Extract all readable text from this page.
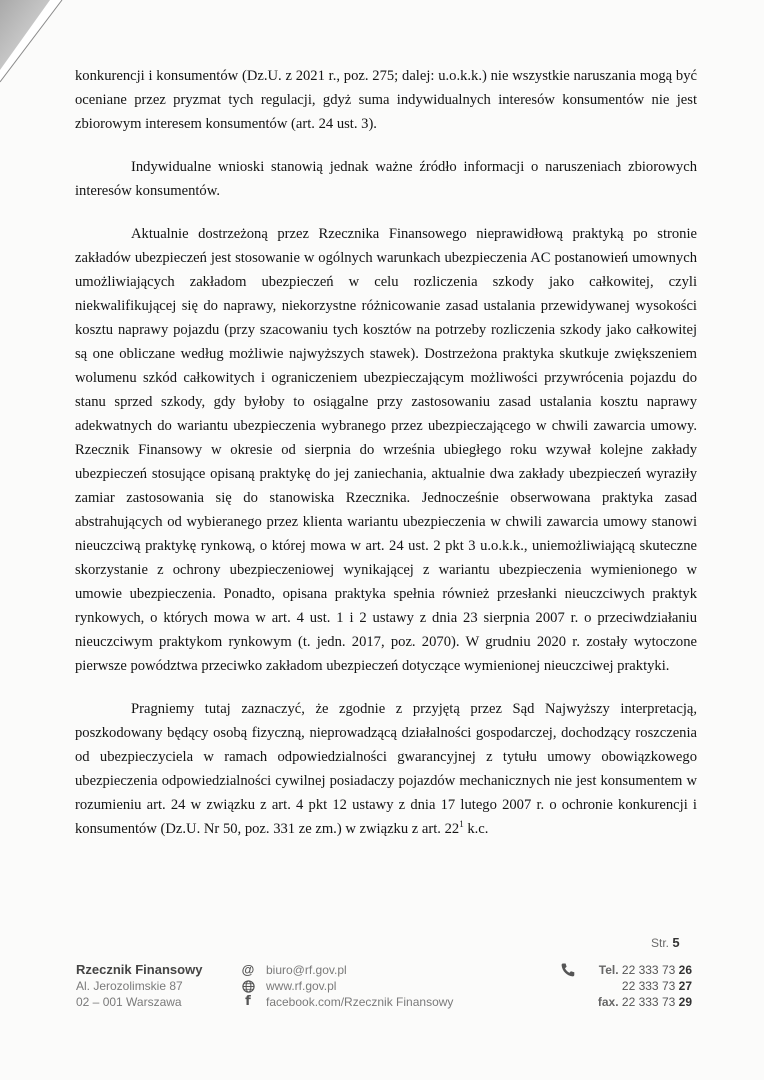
konkurencji i konsumentów (Dz.U. z 2021 r., poz. 275; dalej: u.o.k.k.) nie wszystkie naruszania mogą być oceniane przez pryzmat tych regulacji, gdyż suma indywidualnych interesów konsumentów nie jest zbiorowym interesem konsumentów (art. 24 ust. 3).

Indywidualne wnioski stanowią jednak ważne źródło informacji o naruszeniach zbiorowych interesów konsumentów.

Aktualnie dostrzeżoną przez Rzecznika Finansowego nieprawidłową praktyką po stronie zakładów ubezpieczeń jest stosowanie w ogólnych warunkach ubezpieczenia AC postanowień umownych umożliwiających zakładom ubezpieczeń w celu rozliczenia szkody jako całkowitej, czyli niekwalifikującej się do naprawy, niekorzystne różnicowanie zasad ustalania przewidywanej wysokości kosztu naprawy pojazdu (przy szacowaniu tych kosztów na potrzeby rozliczenia szkody jako całkowitej są one obliczane według możliwie najwyższych stawek). Dostrzeżona praktyka skutkuje zwiększeniem wolumenu szkód całkowitych i ograniczeniem ubezpieczającym możliwości przywrócenia pojazdu do stanu sprzed szkody, gdy byłoby to osiągalne przy zastosowaniu zasad ustalania kosztu naprawy adekwatnych do wariantu ubezpieczenia wybranego przez ubezpieczającego w chwili zawarcia umowy. Rzecznik Finansowy w okresie od sierpnia do września ubiegłego roku wzywał kolejne zakłady ubezpieczeń stosujące opisaną praktykę do jej zaniechania, aktualnie dwa zakłady ubezpieczeń wyraziły zamiar zastosowania się do stanowiska Rzecznika. Jednocześnie obserwowana praktyka zasad abstrahujących od wybieranego przez klienta wariantu ubezpieczenia w chwili zawarcia umowy stanowi nieuczciwą praktykę rynkową, o której mowa w art. 24 ust. 2 pkt 3 u.o.k.k., uniemożliwiającą skuteczne skorzystanie z ochrony ubezpieczeniowej wynikającej z wariantu ubezpieczenia wymienionego w umowie ubezpieczenia. Ponadto, opisana praktyka spełnia również przesłanki nieuczciwych praktyk rynkowych, o których mowa w art. 4 ust. 1 i 2 ustawy z dnia 23 sierpnia 2007 r. o przeciwdziałaniu nieuczciwym praktykom rynkowym (t. jedn. 2017, poz. 2070). W grudniu 2020 r. zostały wytoczone pierwsze powództwa przeciwko zakładom ubezpieczeń dotyczące wymienionej nieuczciwej praktyki.

Pragniemy tutaj zaznaczyć, że zgodnie z przyjętą przez Sąd Najwyższy interpretacją, poszkodowany będący osobą fizyczną, nieprowadzącą działalności gospodarczej, dochodzący roszczenia od ubezpieczyciela w ramach odpowiedzialności gwarancyjnej z tytułu umowy obowiązkowego ubezpieczenia odpowiedzialności cywilnej posiadaczy pojazdów mechanicznych nie jest konsumentem w rozumieniu art. 24 w związku z art. 4 pkt 12 ustawy z dnia 17 lutego 2007 r. o ochronie konkurencji i konsumentów (Dz.U. Nr 50, poz. 331 ze zm.) w związku z art. $22^1$ k.c.

Str. 5
Rzecznik Finansowy
Al. Jerozolimskie 87
02 – 001 Warszawa
@ biuro@rf.gov.pl
www.rf.gov.pl
f	facebook.com/Rzecznik Finansowy
Tel. 22 333 73 26
22 333 73 27
fax. 22 333 73 29
